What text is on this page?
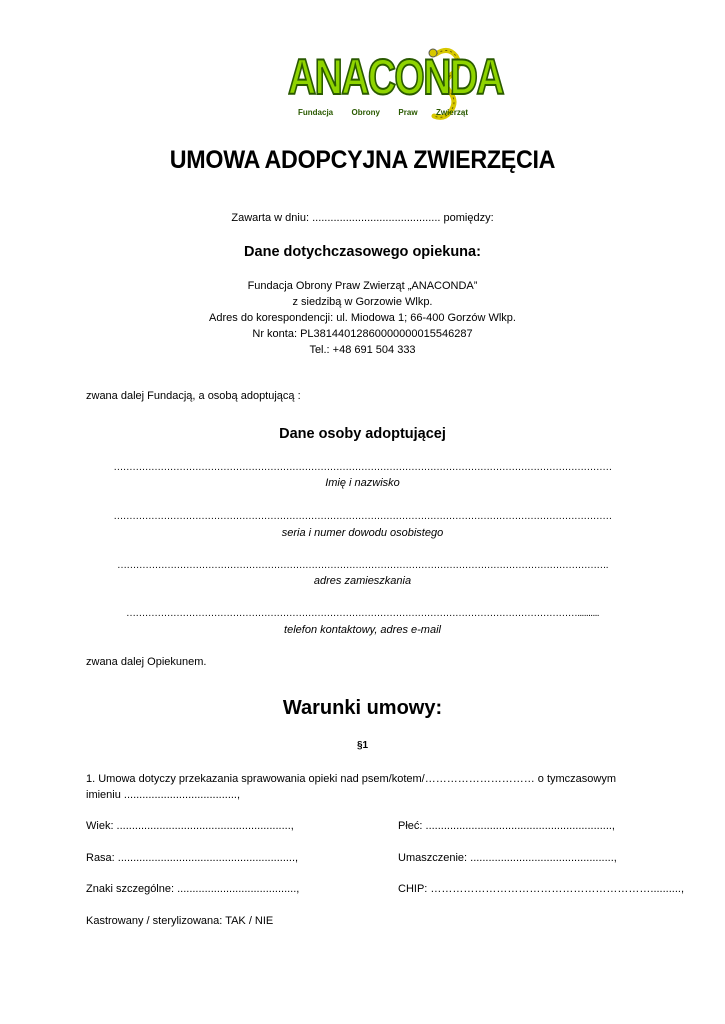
ANACONDA
Fundacja Obrony Praw Zwierząt
UMOWA ADOPCYJNA ZWIERZĘCIA
Zawarta w dniu: .......................................... pomiędzy:
Dane dotychczasowego opiekuna:
Fundacja Obrony Praw Zwierząt „ANACONDA”
z siedzibą w Gorzowie Wlkp.
Adres do korespondencji: ul. Miodowa 1; 66-400 Gorzów Wlkp.
Nr konta: PL38144012860000000015546287
Tel.: +48 691 504 333
zwana dalej Fundacją, a osobą adoptującą :
Dane osoby adoptującej
……………………………………………………………………………………………………………………………………………
Imię i nazwisko
……………………………………………………………………………………………………………………………………………
seria i numer dowodu osobistego
………………………………………………………………………………………………………………………………………….
adres zamieszkania
………………………………………………………………………………………………………………………………..........
telefon kontaktowy, adres e-mail
zwana dalej Opiekunem.
Warunki umowy:
§1
1. Umowa dotyczy przekazania sprawowania opieki nad psem/kotem/………………………… o tymczasowym
imieniu .....................................,
Wiek: .........................................................,	Płeć: .............................................................,
Rasa: ..........................................................,	Umaszczenie: ...............................................,
Znaki szczególne: .......................................,	CHIP: ……………………………………………………..........,
Kastrowany / sterylizowana: TAK / NIE
